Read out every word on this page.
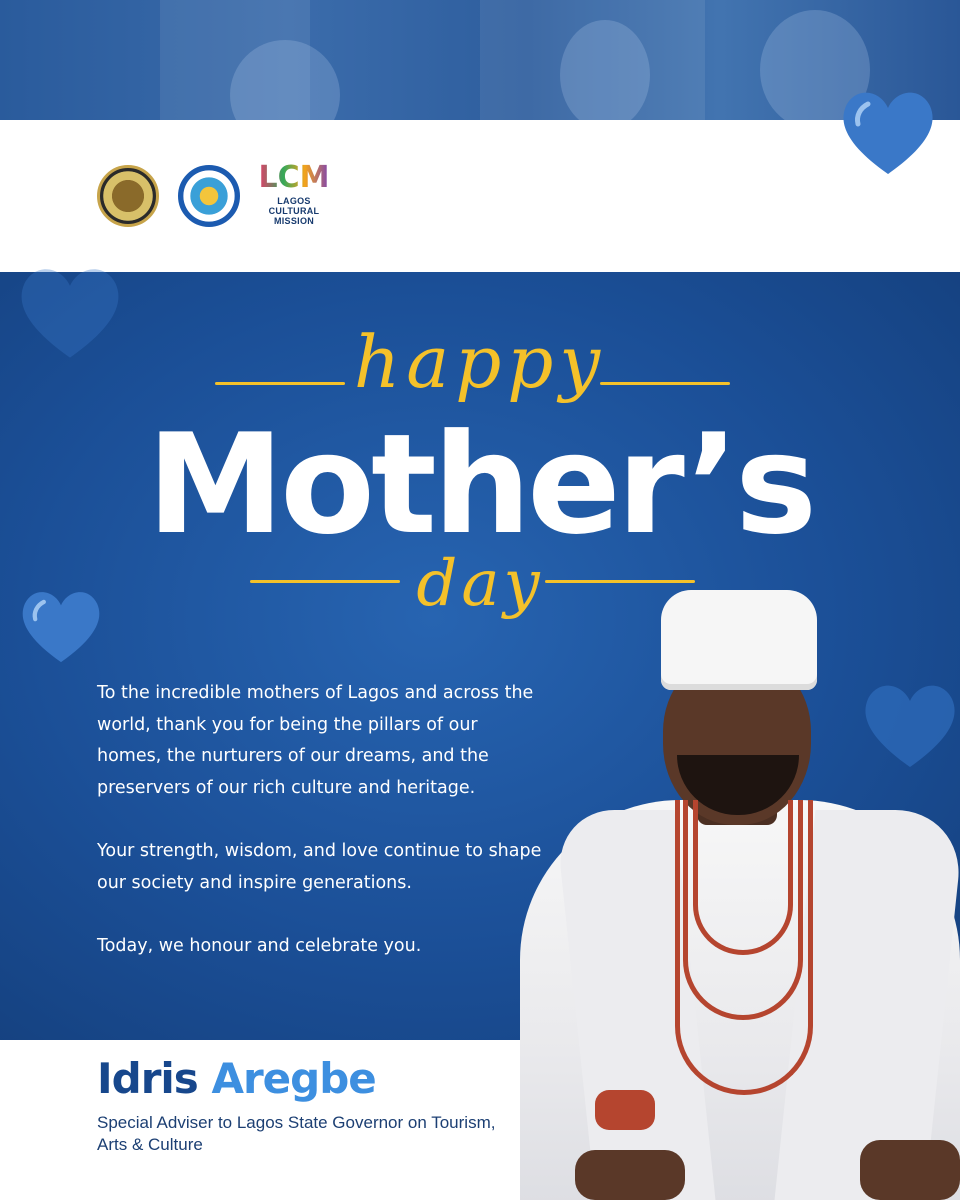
LCM
LAGOS
CULTURAL
MISSION
happy
Mother’s
day

To the incredible mothers of Lagos and across the world, thank you for being the pillars of our homes, the nurturers of our dreams, and the preservers of our rich culture and heritage.

Your strength, wisdom, and love continue to shape our society and inspire generations.

Today, we honour and celebrate you.

Idris Aregbe
Special Adviser to Lagos State Governor on Tourism, Arts & Culture
